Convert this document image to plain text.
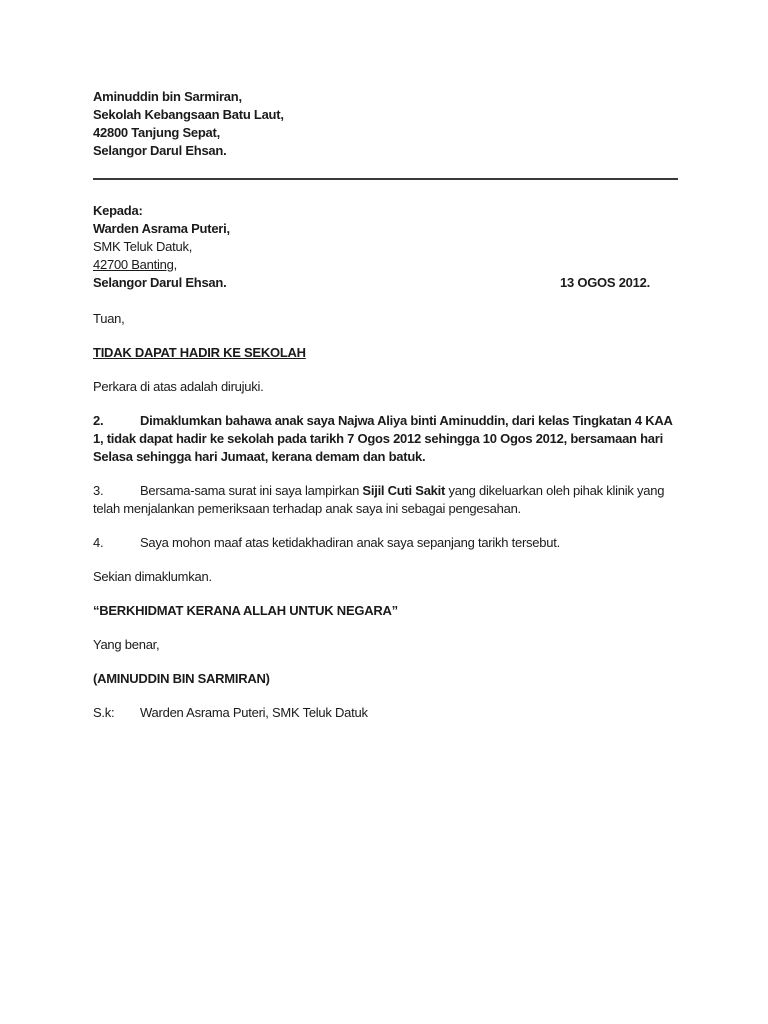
Aminuddin bin Sarmiran,

Sekolah Kebangsaan Batu Laut,

42800 Tanjung Sepat,

Selangor Darul Ehsan.

Kepada:

Warden Asrama Puteri,

SMK Teluk Datuk,

42700 Banting,

Selangor Darul Ehsan.	13 OGOS 2012.

Tuan,

TIDAK DAPAT HADIR KE SEKOLAH

Perkara di atas adalah dirujuki.

2.	Dimaklumkan bahawa anak saya Najwa Aliya binti Aminuddin, dari kelas Tingkatan 4 KAA 1, tidak dapat hadir ke sekolah pada tarikh 7 Ogos 2012 sehingga 10 Ogos 2012, bersamaan hari Selasa sehingga hari Jumaat, kerana demam dan batuk.

3.	Bersama-sama surat ini saya lampirkan Sijil Cuti Sakit yang dikeluarkan oleh pihak klinik yang telah menjalankan pemeriksaan terhadap anak saya ini sebagai pengesahan.

4.	Saya mohon maaf atas ketidakhadiran anak saya sepanjang tarikh tersebut.

Sekian dimaklumkan.

“BERKHIDMAT KERANA ALLAH UNTUK NEGARA”

Yang benar,

(AMINUDDIN BIN SARMIRAN)

S.k: Warden Asrama Puteri, SMK Teluk Datuk
